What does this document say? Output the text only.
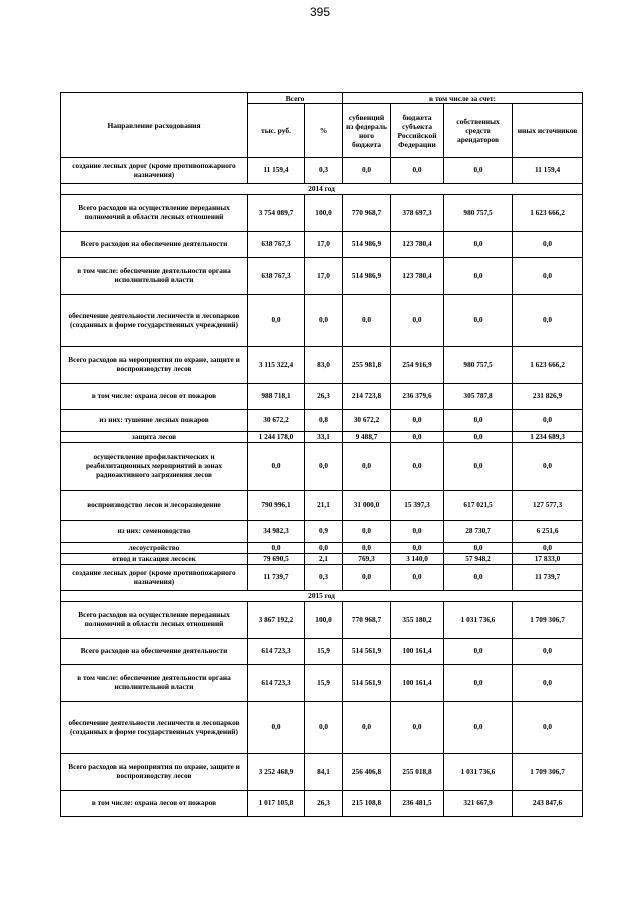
395
Направление расходования	Всего		в том числе за счет:			
	тыс. руб.	%	субвенций из федераль ного бюджета	бюджета субъекта Российской Федерации	собственных средств арендаторов	иных источников
создание лесных дорог (кроме противопожарного назначения)	11 159,4	0,3	0,0	0,0	0,0	11 159,4
2014 год						
Всего расходов на осуществление переданных полномочий в области лесных отношений	3 754 089,7	100,0	770 968,7	378 697,3	980 757,5	1 623 666,2
Всего расходов на обеспечение деятельности	638 767,3	17,0	514 986,9	123 780,4	0,0	0,0
в том числе: обеспечение деятельности органа исполнительной власти	638 767,3	17,0	514 986,9	123 780,4	0,0	0,0
обеспечение деятельности лесничеств и лесопарков (созданных в форме государственных учреждений)	0,0	0,0	0,0	0,0	0,0	0,0
Всего расходов на мероприятия по охране, защите и воспроизводству лесов	3 115 322,4	83,0	255 981,8	254 916,9	980 757,5	1 623 666,2
в том числе: охрана лесов от пожаров	988 718,1	26,3	214 723,8	236 379,6	305 787,8	231 826,9
из них: тушение лесных пожаров	30 672,2	0,8	30 672,2	0,0	0,0	0,0
защита лесов	1 244 178,0	33,1	9 488,7	0,0	0,0	1 234 689,3
осуществление профилактических и реабилитационных мероприятий в зонах радиоактивного загрязнения лесов	0,0	0,0	0,0	0,0	0,0	0,0
воспроизводство лесов и лесоразведение	790 996,1	21,1	31 000,0	15 397,3	617 021,5	127 577,3
из них: семеноводство	34 982,3	0,9	0,0	0,0	28 730,7	6 251,6
лесоустройство	0,0	0,0	0,0	0,0	0,0	0,0
отвод и таксация лесосек	79 690,5	2,1	769,3	3 140,0	57 948,2	17 833,0
создание лесных дорог (кроме противопожарного назначения)	11 739,7	0,3	0,0	0,0	0,0	11 739,7
2015 год						
Всего расходов на осуществление переданных полномочий в области лесных отношений	3 867 192,2	100,0	770 968,7	355 180,2	1 031 736,6	1 709 306,7
Всего расходов на обеспечение деятельности	614 723,3	15,9	514 561,9	100 161,4	0,0	0,0
в том числе: обеспечение деятельности органа исполнительной власти	614 723,3	15,9	514 561,9	100 161,4	0,0	0,0
обеспечение деятельности лесничеств и лесопарков (созданных в форме государственных учреждений)	0,0	0,0	0,0	0,0	0,0	0,0
Всего расходов на мероприятия по охране, защите и воспроизводству лесов	3 252 468,9	84,1	256 406,8	255 018,8	1 031 736,6	1 709 306,7
в том числе: охрана лесов от пожаров	1 017 105,8	26,3	215 108,8	236 481,5	321 667,9	243 847,6
